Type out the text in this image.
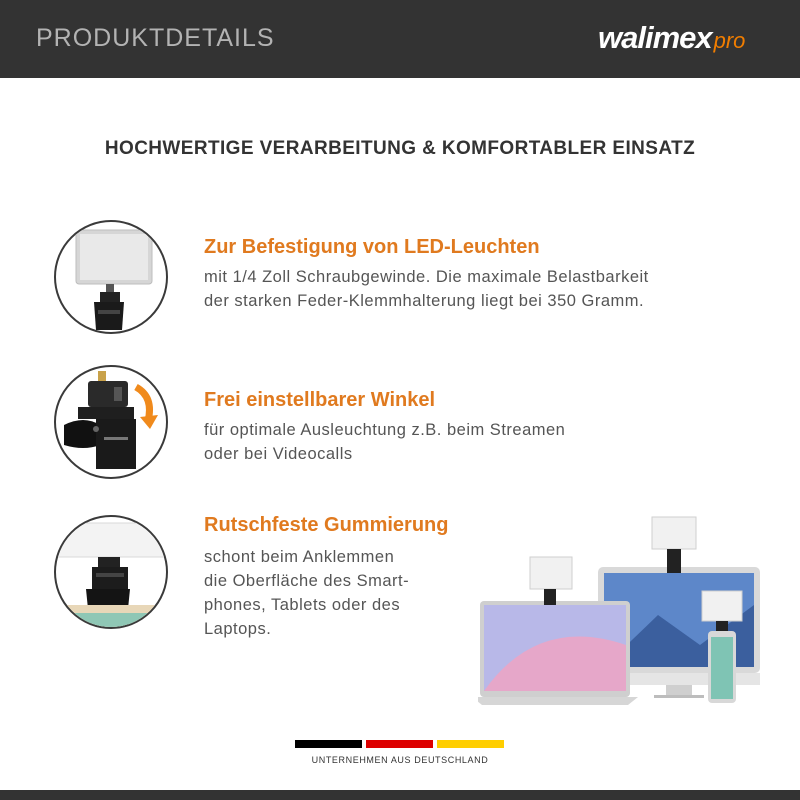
PRODUKTDETAILS	walimexpro
HOCHWERTIGE VERARBEITUNG & KOMFORTABLER EINSATZ
Zur Befestigung von LED-Leuchten
mit 1/4 Zoll Schraubgewinde. Die maximale Belastbarkeit
der starken Feder-Klemmhalterung liegt bei 350 Gramm.
Frei einstellbarer Winkel
für optimale Ausleuchtung z.B. beim Streamen
oder bei Videocalls
Rutschfeste Gummierung
schont beim Anklemmen
die Oberfläche des Smart-
phones, Tablets oder des
Laptops.
UNTERNEHMEN AUS DEUTSCHLAND
